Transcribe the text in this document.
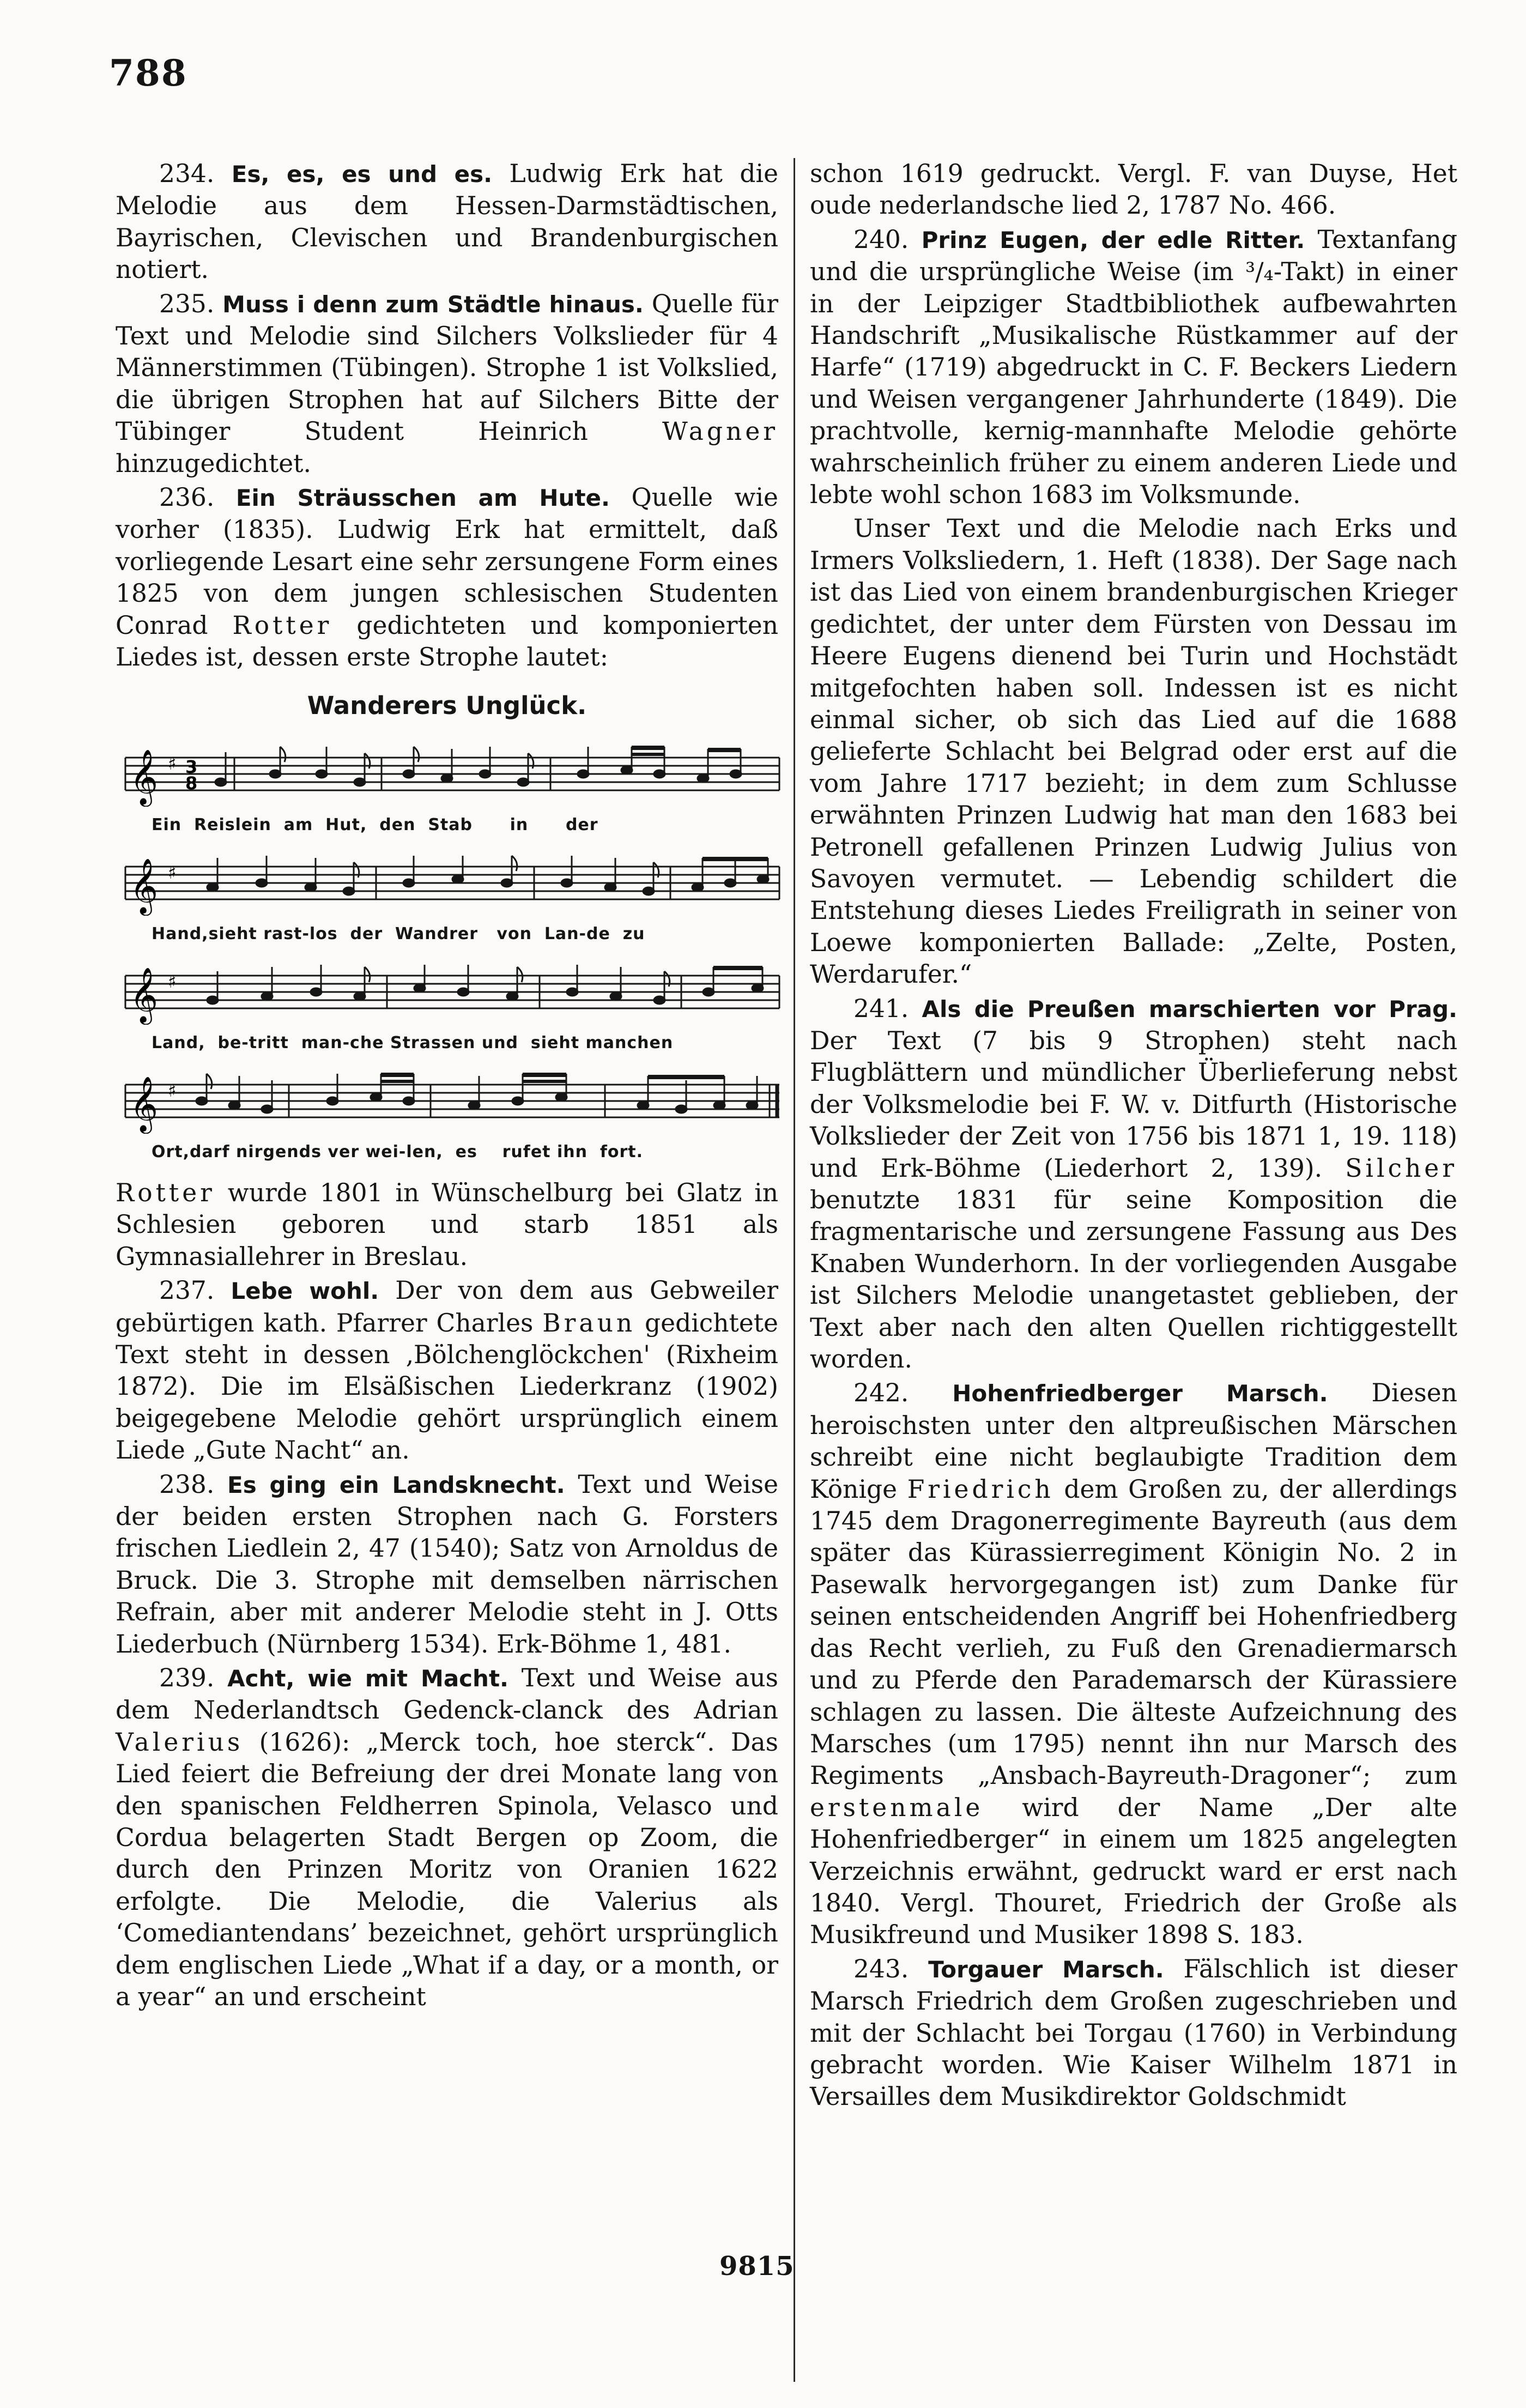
788

234. Es, es, es und es. Ludwig Erk hat die Melodie aus dem Hessen-Darmstädtischen, Bayrischen, Clevischen und Brandenburgischen notiert.

235. Muss i denn zum Städtle hinaus. Quelle für Text und Melodie sind Silchers Volkslieder für 4 Männerstimmen (Tübingen). Strophe 1 ist Volkslied, die übrigen Strophen hat auf Silchers Bitte der Tübinger Student Heinrich Wagner hinzugedichtet.

236. Ein Sträusschen am Hute. Quelle wie vorher (1835). Ludwig Erk hat ermittelt, daß vorliegende Lesart eine sehr zersungene Form eines 1825 von dem jungen schlesischen Studenten Conrad Rotter gedichteten und komponierten Liedes ist, dessen erste Strophe lautet:

Wanderers Unglück.
𝄞 ♯ 3
8
Ein  Reislein  am  Hut,  den  Stab      in      der
𝄞 ♯
Hand,sieht rast-los  der  Wandrer   von  Lan-de  zu
𝄞 ♯
Land,  be-tritt  man-che Strassen und  sieht manchen
𝄞 ♯
Ort,darf nirgends ver wei-len,  es    rufet ihn  fort.

Rotter wurde 1801 in Wünschelburg bei Glatz in Schlesien geboren und starb 1851 als Gymnasiallehrer in Breslau.

237. Lebe wohl. Der von dem aus Gebweiler gebürtigen kath. Pfarrer Charles Braun gedichtete Text steht in dessen ‚Bölchenglöckchen' (Rixheim 1872). Die im Elsäßischen Liederkranz (1902) beigegebene Melodie gehört ursprünglich einem Liede „Gute Nacht“ an.

238. Es ging ein Landsknecht. Text und Weise der beiden ersten Strophen nach G. Forsters frischen Liedlein 2, 47 (1540); Satz von Arnoldus de Bruck. Die 3. Strophe mit demselben närrischen Refrain, aber mit anderer Melodie steht in J. Otts Liederbuch (Nürnberg 1534). Erk-Böhme 1, 481.

239. Acht, wie mit Macht. Text und Weise aus dem Nederlandtsch Gedenck-clanck des Adrian Valerius (1626): „Merck toch, hoe sterck“. Das Lied feiert die Befreiung der drei Monate lang von den spanischen Feldherren Spinola, Velasco und Cordua belagerten Stadt Bergen op Zoom, die durch den Prinzen Moritz von Oranien 1622 erfolgte. Die Melodie, die Valerius als ‘Comediantendans’ bezeichnet, gehört ursprünglich dem englischen Liede „What if a day, or a month, or a year“ an und erscheint

schon 1619 gedruckt. Vergl. F. van Duyse, Het oude nederlandsche lied 2, 1787 No. 466.

240. Prinz Eugen, der edle Ritter. Textanfang und die ursprüngliche Weise (im ³/₄-Takt) in einer in der Leipziger Stadtbibliothek aufbewahrten Handschrift „Musikalische Rüstkammer auf der Harfe“ (1719) abgedruckt in C. F. Beckers Liedern und Weisen vergangener Jahrhunderte (1849). Die prachtvolle, kernig-mannhafte Melodie gehörte wahrscheinlich früher zu einem anderen Liede und lebte wohl schon 1683 im Volksmunde.

Unser Text und die Melodie nach Erks und Irmers Volksliedern, 1. Heft (1838). Der Sage nach ist das Lied von einem brandenburgischen Krieger gedichtet, der unter dem Fürsten von Dessau im Heere Eugens dienend bei Turin und Hochstädt mitgefochten haben soll. Indessen ist es nicht einmal sicher, ob sich das Lied auf die 1688 gelieferte Schlacht bei Belgrad oder erst auf die vom Jahre 1717 bezieht; in dem zum Schlusse erwähnten Prinzen Ludwig hat man den 1683 bei Petronell gefallenen Prinzen Ludwig Julius von Savoyen vermutet. — Lebendig schildert die Entstehung dieses Liedes Freiligrath in seiner von Loewe komponierten Ballade: „Zelte, Posten, Werdarufer.“

241. Als die Preußen marschierten vor Prag. Der Text (7 bis 9 Strophen) steht nach Flugblättern und mündlicher Überlieferung nebst der Volksmelodie bei F. W. v. Ditfurth (Historische Volkslieder der Zeit von 1756 bis 1871 1, 19. 118) und Erk-Böhme (Liederhort 2, 139). Silcher benutzte 1831 für seine Komposition die fragmentarische und zersungene Fassung aus Des Knaben Wunderhorn. In der vorliegenden Ausgabe ist Silchers Melodie unangetastet geblieben, der Text aber nach den alten Quellen richtiggestellt worden.

242. Hohenfriedberger Marsch. Diesen heroischsten unter den altpreußischen Märschen schreibt eine nicht beglaubigte Tradition dem Könige Friedrich dem Großen zu, der allerdings 1745 dem Dragonerregimente Bayreuth (aus dem später das Kürassierregiment Königin No. 2 in Pasewalk hervorgegangen ist) zum Danke für seinen entscheidenden Angriff bei Hohenfriedberg das Recht verlieh, zu Fuß den Grenadiermarsch und zu Pferde den Parademarsch der Kürassiere schlagen zu lassen. Die älteste Aufzeichnung des Marsches (um 1795) nennt ihn nur Marsch des Regiments „Ansbach-Bayreuth-Dragoner“; zum erstenmale wird der Name „Der alte Hohenfriedberger“ in einem um 1825 angelegten Verzeichnis erwähnt, gedruckt ward er erst nach 1840. Vergl. Thouret, Friedrich der Große als Musikfreund und Musiker 1898 S. 183.

243. Torgauer Marsch. Fälschlich ist dieser Marsch Friedrich dem Großen zugeschrieben und mit der Schlacht bei Torgau (1760) in Verbindung gebracht worden. Wie Kaiser Wilhelm 1871 in Versailles dem Musikdirektor Goldschmidt

9815
